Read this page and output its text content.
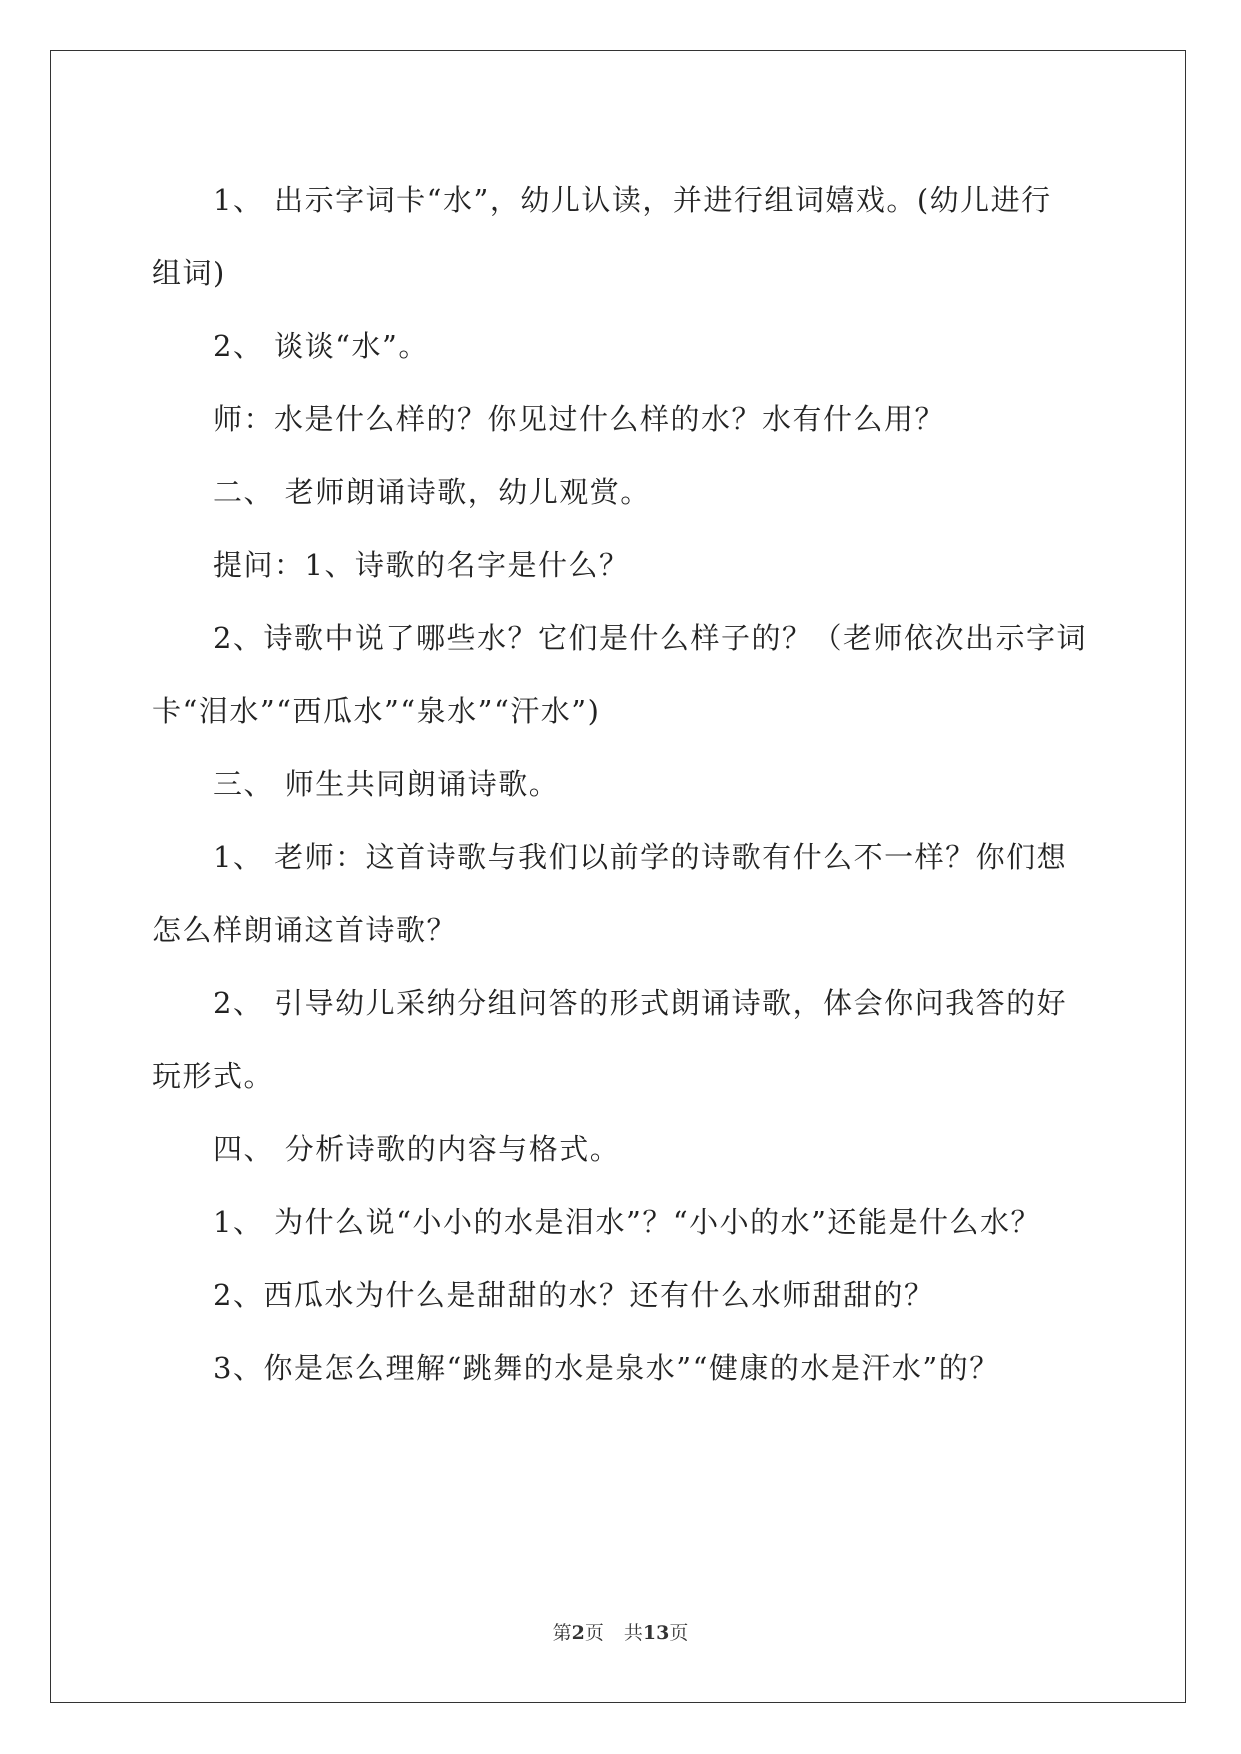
1、 出示字词卡“水”，幼儿认读，并进行组词嬉戏。(幼儿进行

组词)

2、 谈谈“水”。

师：水是什么样的？你见过什么样的水？水有什么用？

二、 老师朗诵诗歌，幼儿观赏。

提问：1、诗歌的名字是什么？

2、诗歌中说了哪些水？它们是什么样子的？（老师依次出示字词

卡“泪水”“西瓜水”“泉水”“汗水”)

三、 师生共同朗诵诗歌。

1、 老师：这首诗歌与我们以前学的诗歌有什么不一样？你们想

怎么样朗诵这首诗歌？

2、 引导幼儿采纳分组问答的形式朗诵诗歌，体会你问我答的好

玩形式。

四、 分析诗歌的内容与格式。

1、 为什么说“小小的水是泪水”？“小小的水”还能是什么水？

2、西瓜水为什么是甜甜的水？还有什么水师甜甜的？

3、你是怎么理解“跳舞的水是泉水”“健康的水是汗水”的？

第2页 共13页
